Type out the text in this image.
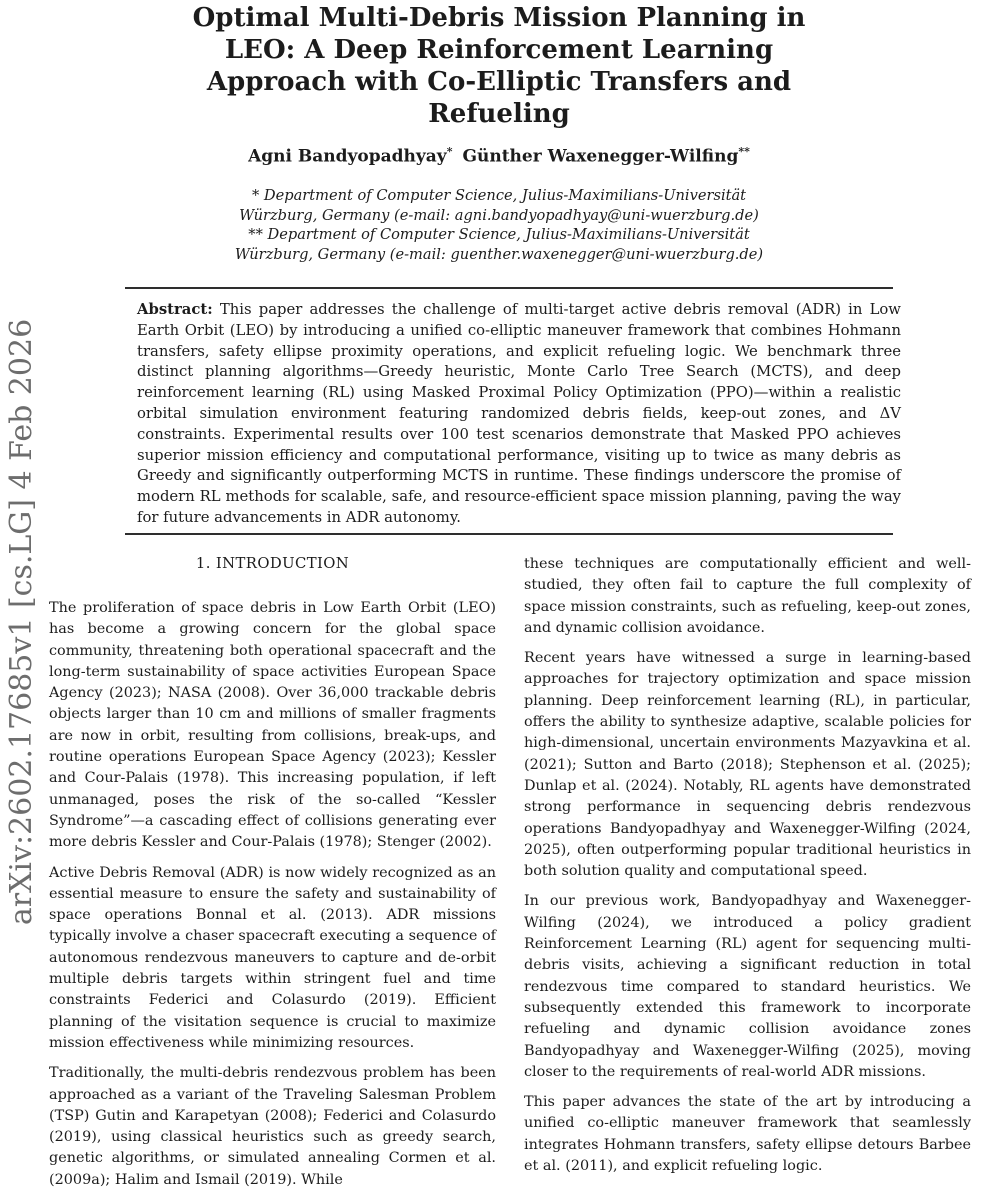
arXiv:2602.17685v1 [cs.LG] 4 Feb 2026
Optimal Multi-Debris Mission Planning in
LEO: A Deep Reinforcement Learning
Approach with Co-Elliptic Transfers and
Refueling
Agni Bandyopadhyay* Günther Waxenegger-Wilfing**
* Department of Computer Science, Julius-Maximilians-Universität
Würzburg, Germany (e-mail: agni.bandyopadhyay@uni-wuerzburg.de)
** Department of Computer Science, Julius-Maximilians-Universität
Würzburg, Germany (e-mail: guenther.waxenegger@uni-wuerzburg.de)

Abstract: This paper addresses the challenge of multi-target active debris removal (ADR) in Low Earth Orbit (LEO) by introducing a unified co-elliptic maneuver framework that combines Hohmann transfers, safety ellipse proximity operations, and explicit refueling logic. We benchmark three distinct planning algorithms—Greedy heuristic, Monte Carlo Tree Search (MCTS), and deep reinforcement learning (RL) using Masked Proximal Policy Optimization (PPO)—within a realistic orbital simulation environment featuring randomized debris fields, keep-out zones, and ΔV constraints. Experimental results over 100 test scenarios demonstrate that Masked PPO achieves superior mission efficiency and computational performance, visiting up to twice as many debris as Greedy and significantly outperforming MCTS in runtime. These findings underscore the promise of modern RL methods for scalable, safe, and resource-efficient space mission planning, paving the way for future advancements in ADR autonomy.

1. INTRODUCTION

The proliferation of space debris in Low Earth Orbit (LEO) has become a growing concern for the global space community, threatening both operational spacecraft and the long-term sustainability of space activities European Space Agency (2023); NASA (2008). Over 36,000 trackable debris objects larger than 10 cm and millions of smaller fragments are now in orbit, resulting from collisions, break-ups, and routine operations European Space Agency (2023); Kessler and Cour-Palais (1978). This increasing population, if left unmanaged, poses the risk of the so-called “Kessler Syndrome”—a cascading effect of collisions generating ever more debris Kessler and Cour-Palais (1978); Stenger (2002).

Active Debris Removal (ADR) is now widely recognized as an essential measure to ensure the safety and sustainability of space operations Bonnal et al. (2013). ADR missions typically involve a chaser spacecraft executing a sequence of autonomous rendezvous maneuvers to capture and de-orbit multiple debris targets within stringent fuel and time constraints Federici and Colasurdo (2019). Efficient planning of the visitation sequence is crucial to maximize mission effectiveness while minimizing resources.

Traditionally, the multi-debris rendezvous problem has been approached as a variant of the Traveling Salesman Problem (TSP) Gutin and Karapetyan (2008); Federici and Colasurdo (2019), using classical heuristics such as greedy search, genetic algorithms, or simulated annealing Cormen et al. (2009a); Halim and Ismail (2019). While

these techniques are computationally efficient and well-studied, they often fail to capture the full complexity of space mission constraints, such as refueling, keep-out zones, and dynamic collision avoidance.

Recent years have witnessed a surge in learning-based approaches for trajectory optimization and space mission planning. Deep reinforcement learning (RL), in particular, offers the ability to synthesize adaptive, scalable policies for high-dimensional, uncertain environments Mazyavkina et al. (2021); Sutton and Barto (2018); Stephenson et al. (2025); Dunlap et al. (2024). Notably, RL agents have demonstrated strong performance in sequencing debris rendezvous operations Bandyopadhyay and Waxenegger-Wilfing (2024, 2025), often outperforming popular traditional heuristics in both solution quality and computational speed.

In our previous work, Bandyopadhyay and Waxenegger-Wilfing (2024), we introduced a policy gradient Reinforcement Learning (RL) agent for sequencing multi-debris visits, achieving a significant reduction in total rendezvous time compared to standard heuristics. We subsequently extended this framework to incorporate refueling and dynamic collision avoidance zones Bandyopadhyay and Waxenegger-Wilfing (2025), moving closer to the requirements of real-world ADR missions.

This paper advances the state of the art by introducing a unified co-elliptic maneuver framework that seamlessly integrates Hohmann transfers, safety ellipse detours Barbee et al. (2011), and explicit refueling logic.
